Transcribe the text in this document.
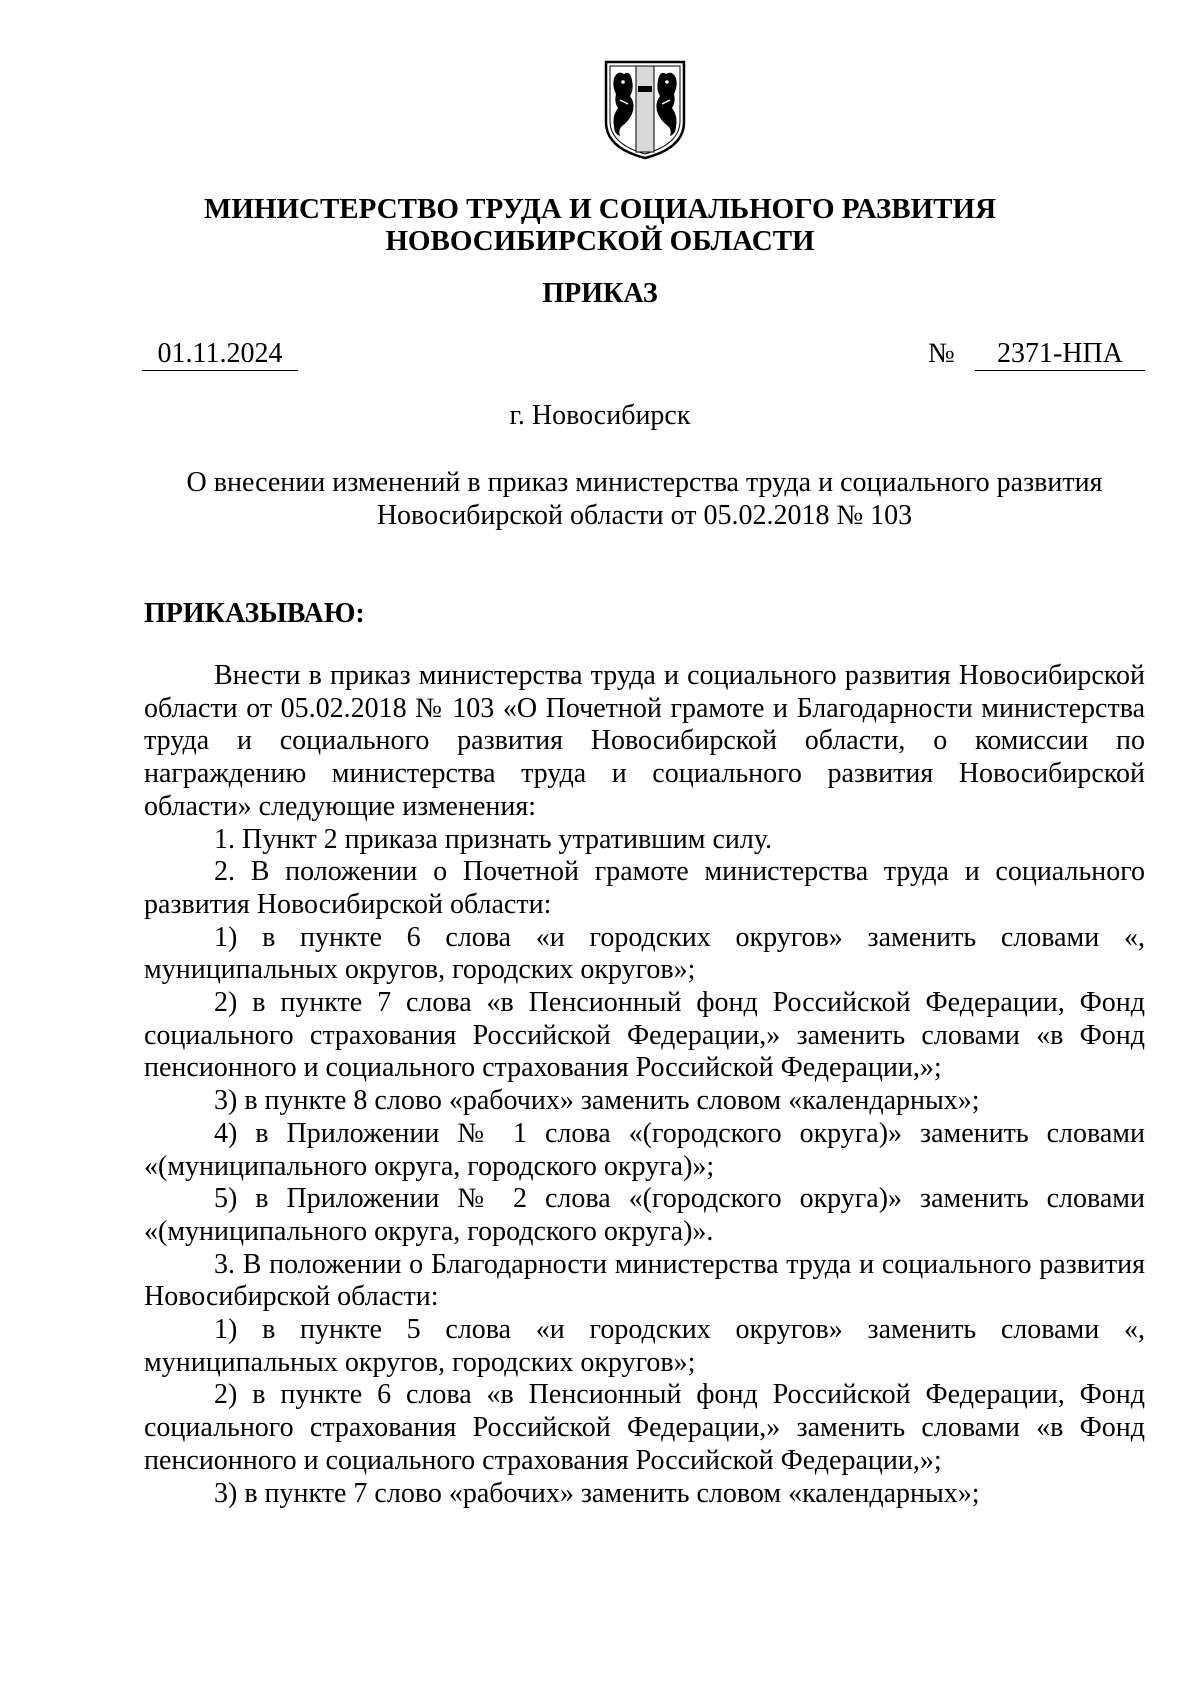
МИНИСТЕРСТВО ТРУДА И СОЦИАЛЬНОГО РАЗВИТИЯ
НОВОСИБИРСКОЙ ОБЛАСТИ
ПРИКАЗ
01.11.2024	№	2371-НПА
г. Новосибирск
О внесении изменений в приказ министерства труда и социального развития
Новосибирской области от 05.02.2018 № 103
ПРИКАЗЫВАЮ:

Внести в приказ министерства труда и социального развития Новосибирской области от 05.02.2018 № 103 «О Почетной грамоте и Благодарности министерства труда и социального развития Новосибирской области, о комиссии по награждению министерства труда и социального развития Новосибирской области» следующие изменения:

1. Пункт 2 приказа признать утратившим силу.

2. В положении о Почетной грамоте министерства труда и социального развития Новосибирской области:

1) в пункте 6 слова «и городских округов» заменить словами «, муниципальных округов, городских округов»;

2) в пункте 7 слова «в Пенсионный фонд Российской Федерации, Фонд социального страхования Российской Федерации,» заменить словами «в Фонд пенсионного и социального страхования Российской Федерации,»;

3) в пункте 8 слово «рабочих» заменить словом «календарных»;

4) в Приложении № 1 слова «(городского округа)» заменить словами «(муниципального округа, городского округа)»;

5) в Приложении № 2 слова «(городского округа)» заменить словами «(муниципального округа, городского округа)».

3. В положении о Благодарности министерства труда и социального развития Новосибирской области:

1) в пункте 5 слова «и городских округов» заменить словами «, муниципальных округов, городских округов»;

2) в пункте 6 слова «в Пенсионный фонд Российской Федерации, Фонд социального страхования Российской Федерации,» заменить словами «в Фонд пенсионного и социального страхования Российской Федерации,»;

3) в пункте 7 слово «рабочих» заменить словом «календарных»;
